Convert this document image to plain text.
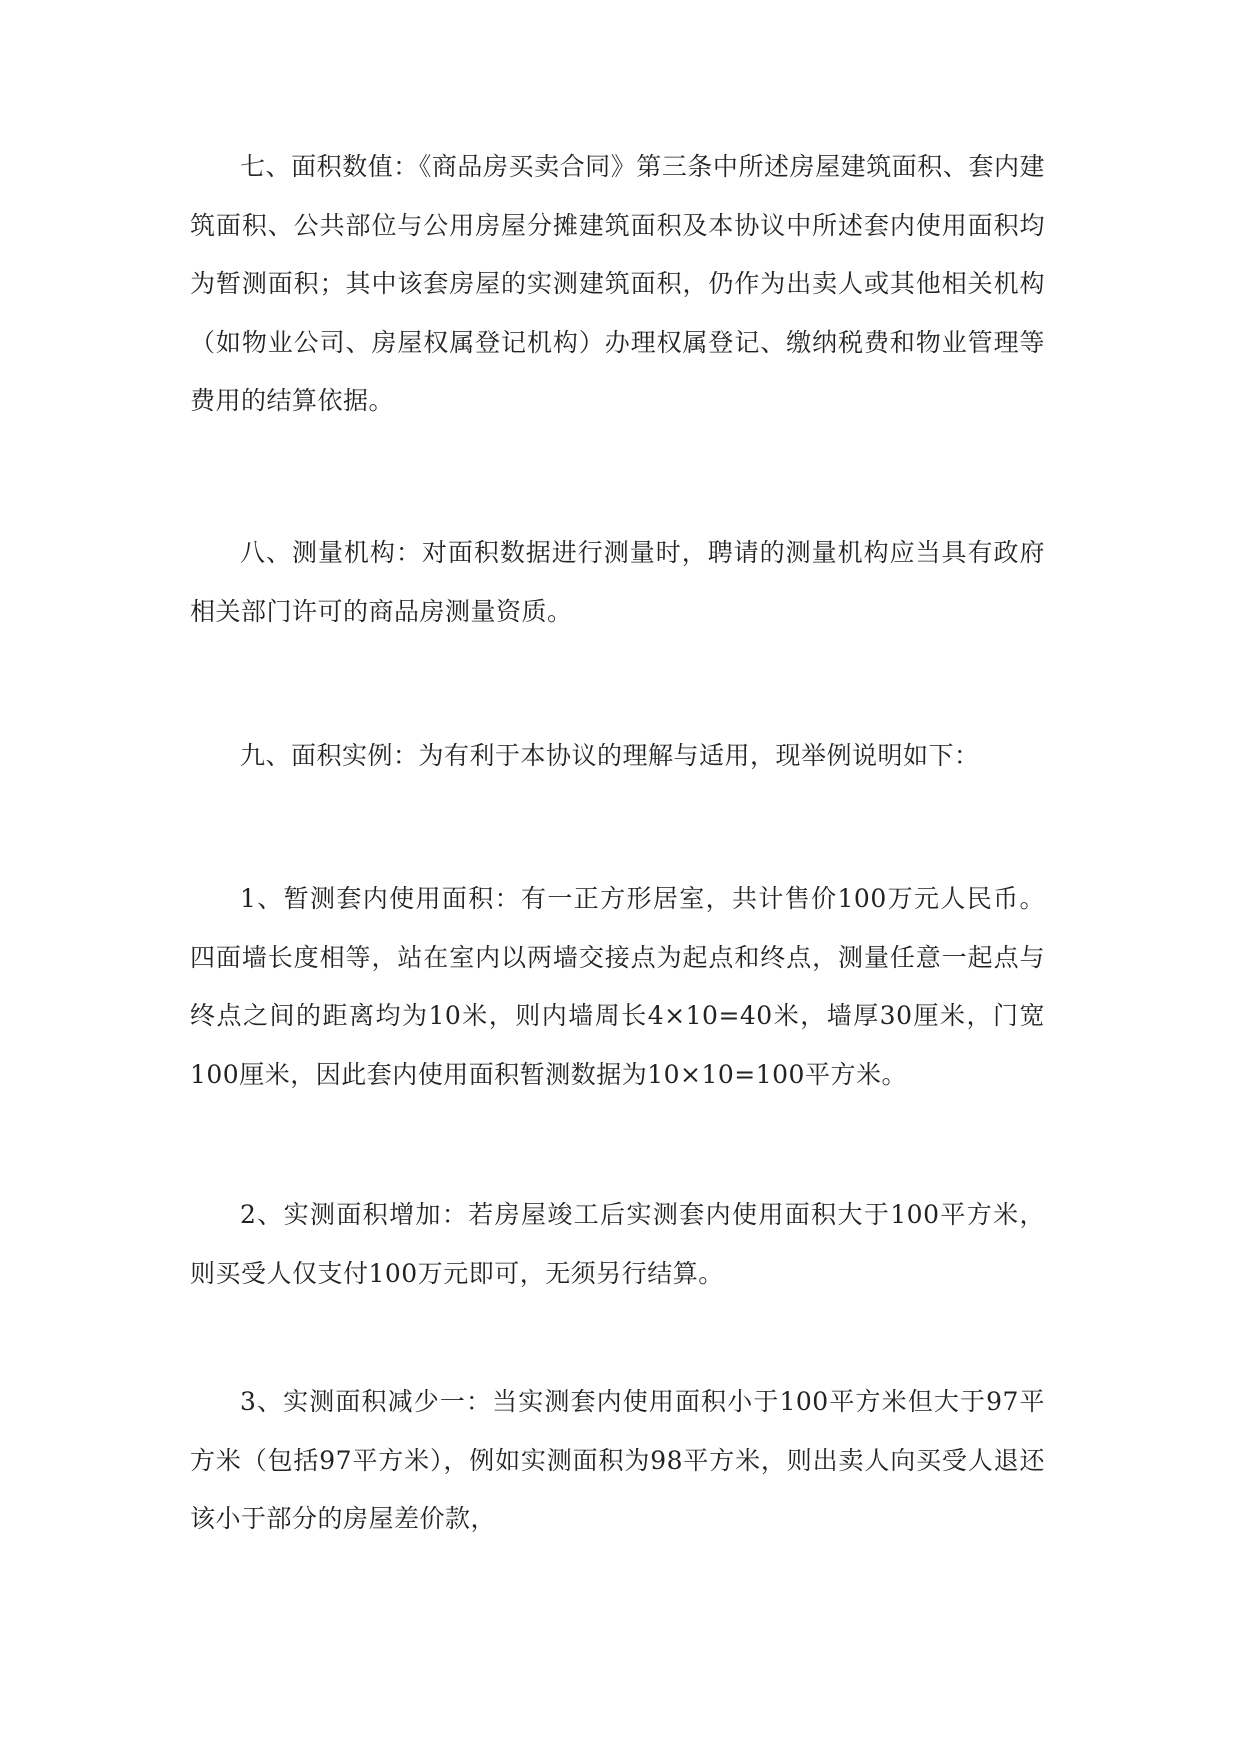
七、面积数值：《商品房买卖合同》第三条中所述房屋建筑面积、套内建筑面积、公共部位与公用房屋分摊建筑面积及本协议中所述套内使用面积均为暂测面积；其中该套房屋的实测建筑面积，仍作为出卖人或其他相关机构（如物业公司、房屋权属登记机构）办理权属登记、缴纳税费和物业管理等费用的结算依据。

八、测量机构：对面积数据进行测量时，聘请的测量机构应当具有政府相关部门许可的商品房测量资质。

九、面积实例：为有利于本协议的理解与适用，现举例说明如下：

1、暂测套内使用面积：有一正方形居室，共计售价100万元人民币。四面墙长度相等，站在室内以两墙交接点为起点和终点，测量任意一起点与终点之间的距离均为10米，则内墙周长4×10=40米，墙厚30厘米，门宽100厘米，因此套内使用面积暂测数据为10×10=100平方米。

2、实测面积增加：若房屋竣工后实测套内使用面积大于100平方米，则买受人仅支付100万元即可，无须另行结算。

3、实测面积减少一：当实测套内使用面积小于100平方米但大于97平方米（包括97平方米），例如实测面积为98平方米，则出卖人向买受人退还该小于部分的房屋差价款，
